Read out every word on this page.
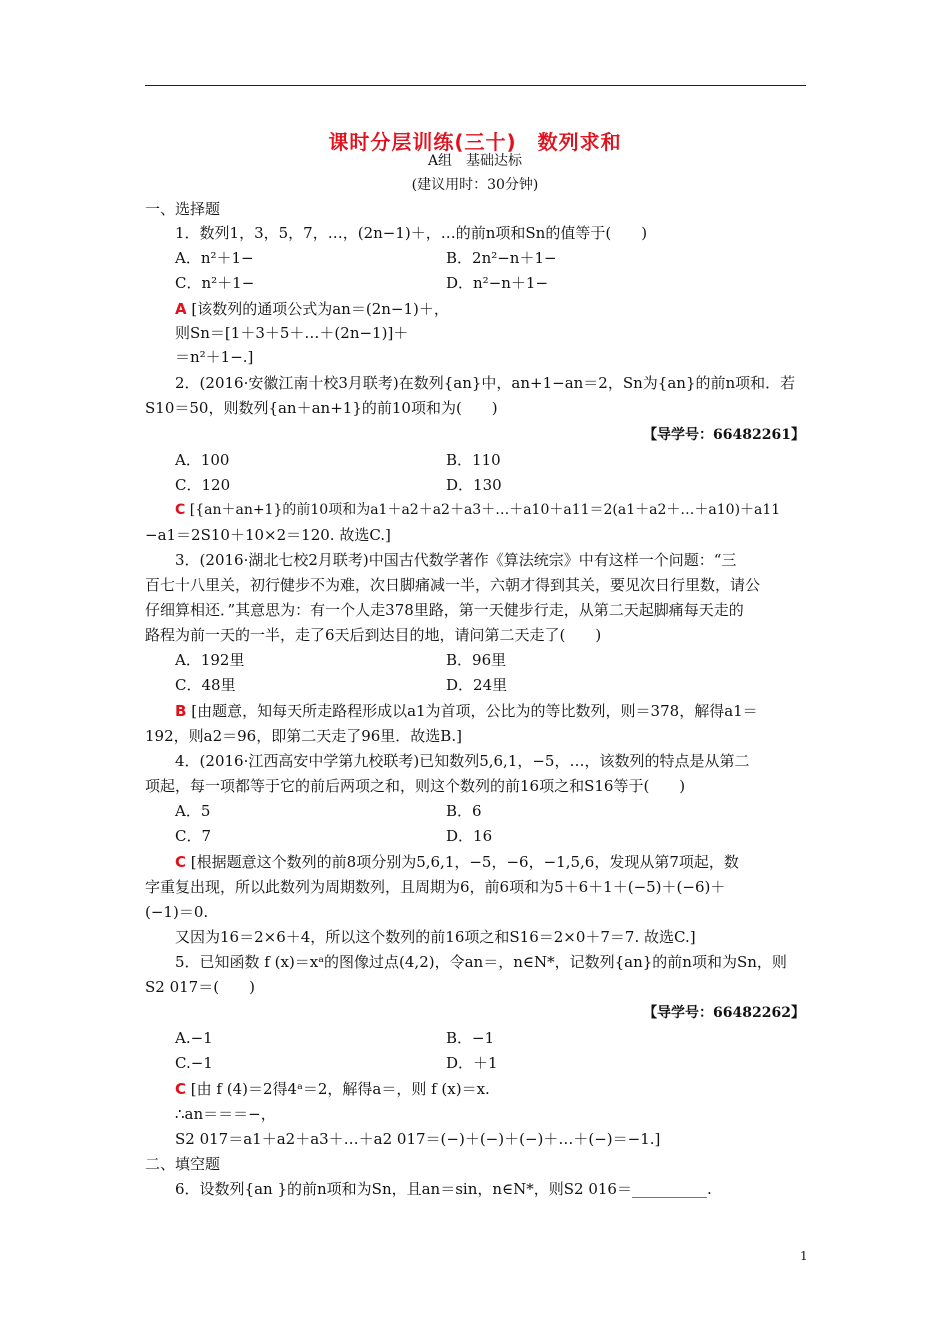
课时分层训练(三十)　数列求和
A组　基础达标
(建议用时：30分钟)
一、选择题
1．数列1，3，5，7，…，(2n−1)＋，…的前n项和Sn的值等于(　　)
A．n²＋1−	B．2n²−n＋1−
C．n²＋1−	D．n²−n＋1−
A [该数列的通项公式为an＝(2n−1)＋，
则Sn＝[1＋3＋5＋…＋(2n−1)]＋
＝n²＋1−.]
2．(2016·安徽江南十校3月联考)在数列{an}中，an+1−an＝2，Sn为{an}的前n项和．若
S10＝50，则数列{an＋an+1}的前10项和为(　　)
【导学号：66482261】
A．100	B．110
C．120	D．130
C [{an＋an+1}的前10项和为a1＋a2＋a2＋a3＋…＋a10＋a11＝2(a1＋a2＋…＋a10)＋a11
−a1＝2S10＋10×2＝120. 故选C.]
3．(2016·湖北七校2月联考)中国古代数学著作《算法统宗》中有这样一个问题：“三
百七十八里关，初行健步不为难，次日脚痛减一半，六朝才得到其关，要见次日行里数，请公
仔细算相还．”其意思为：有一个人走378里路，第一天健步行走，从第二天起脚痛每天走的
路程为前一天的一半，走了6天后到达目的地，请问第二天走了(　　)
A．192里	B．96里
C．48里	D．24里
B [由题意，知每天所走路程形成以a1为首项，公比为的等比数列，则＝378，解得a1＝
192，则a2＝96，即第二天走了96里．故选B.]
4．(2016·江西高安中学第九校联考)已知数列5,6,1，−5，…，该数列的特点是从第二
项起，每一项都等于它的前后两项之和，则这个数列的前16项之和S16等于(　　)
A．5	B．6
C．7	D．16
C [根据题意这个数列的前8项分别为5,6,1，−5，−6，−1,5,6，发现从第7项起，数
字重复出现，所以此数列为周期数列，且周期为6，前6项和为5＋6＋1＋(−5)＋(−6)＋
(−1)＝0.
又因为16＝2×6＋4，所以这个数列的前16项之和S16＝2×0＋7＝7. 故选C.]
5．已知函数 f (x)＝xᵃ的图像过点(4,2)，令an＝，n∈N*，记数列{an}的前n项和为Sn，则
S2 017＝(　　)
【导学号：66482262】
A.−1	B．−1
C.−1	D．＋1
C [由 f (4)＝2得4ᵃ＝2，解得a＝，则 f (x)＝x.
∴an＝＝＝−，
S2 017＝a1＋a2＋a3＋…＋a2 017＝(−)＋(−)＋(−)＋…＋(−)＝−1.]
二、填空题
6．设数列{an }的前n项和为Sn，且an＝sin，n∈N*，则S2 016＝__________.
1
